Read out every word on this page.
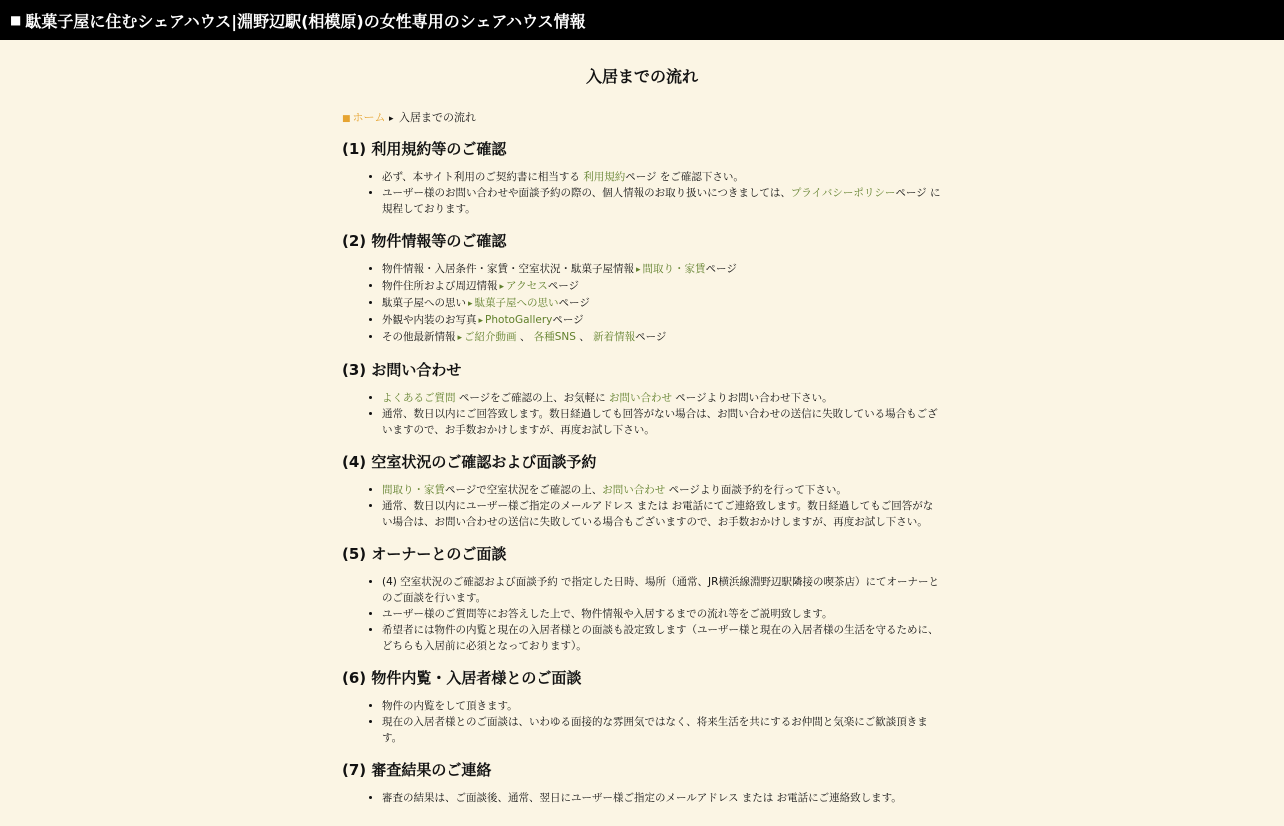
■ 駄菓子屋に住むシェアハウス|淵野辺駅(相模原)の女性専用のシェアハウス情報
入居までの流れ
■ ホーム ▸ 入居までの流れ
(1) 利用規約等のご確認
• 必ず、本サイト利用のご契約書に相当する 利用規約ページ をご確認下さい。
• ユーザー様のお問い合わせや面談予約の際の、個人情報のお取り扱いにつきましては、プライバシーポリシーページ に規程しております。
(2) 物件情報等のご確認
• 物件情報・入居条件・家賃・空室状況・駄菓子屋情報 ▸ 間取り・家賃ページ
• 物件住所および周辺情報 ▸ アクセスページ
• 駄菓子屋への思い ▸ 駄菓子屋への思いページ
• 外観や内装のお写真 ▸ PhotoGalleryページ
• その他最新情報 ▸ ご紹介動画 、 各種SNS 、 新着情報ページ
(3) お問い合わせ
• よくあるご質問 ページをご確認の上、お気軽に お問い合わせ ページよりお問い合わせ下さい。
• 通常、数日以内にご回答致します。数日経過しても回答がない場合は、お問い合わせの送信に失敗している場合もございますので、お手数おかけしますが、再度お試し下さい。
(4) 空室状況のご確認および面談予約
• 間取り・家賃ページで空室状況をご確認の上、お問い合わせ ページより面談予約を行って下さい。
• 通常、数日以内にユーザー様ご指定のメールアドレス または お電話にてご連絡致します。数日経過してもご回答がない場合は、お問い合わせの送信に失敗している場合もございますので、お手数おかけしますが、再度お試し下さい。
(5) オーナーとのご面談
• (4) 空室状況のご確認および面談予約 で指定した日時、場所（通常、JR横浜線淵野辺駅隣接の喫茶店）にてオーナーとのご面談を行います。
• ユーザー様のご質問等にお答えした上で、物件情報や入居するまでの流れ等をご説明致します。
• 希望者には物件の内覧と現在の入居者様との面談も設定致します（ユーザー様と現在の入居者様の生活を守るために、どちらも入居前に必須となっております）。
(6) 物件内覧・入居者様とのご面談
• 物件の内覧をして頂きます。
• 現在の入居者様とのご面談は、いわゆる面接的な雰囲気ではなく、将来生活を共にするお仲間と気楽にご歓談頂きます。
(7) 審査結果のご連絡
• 審査の結果は、ご面談後、通常、翌日にユーザー様ご指定のメールアドレス または お電話にご連絡致します。
